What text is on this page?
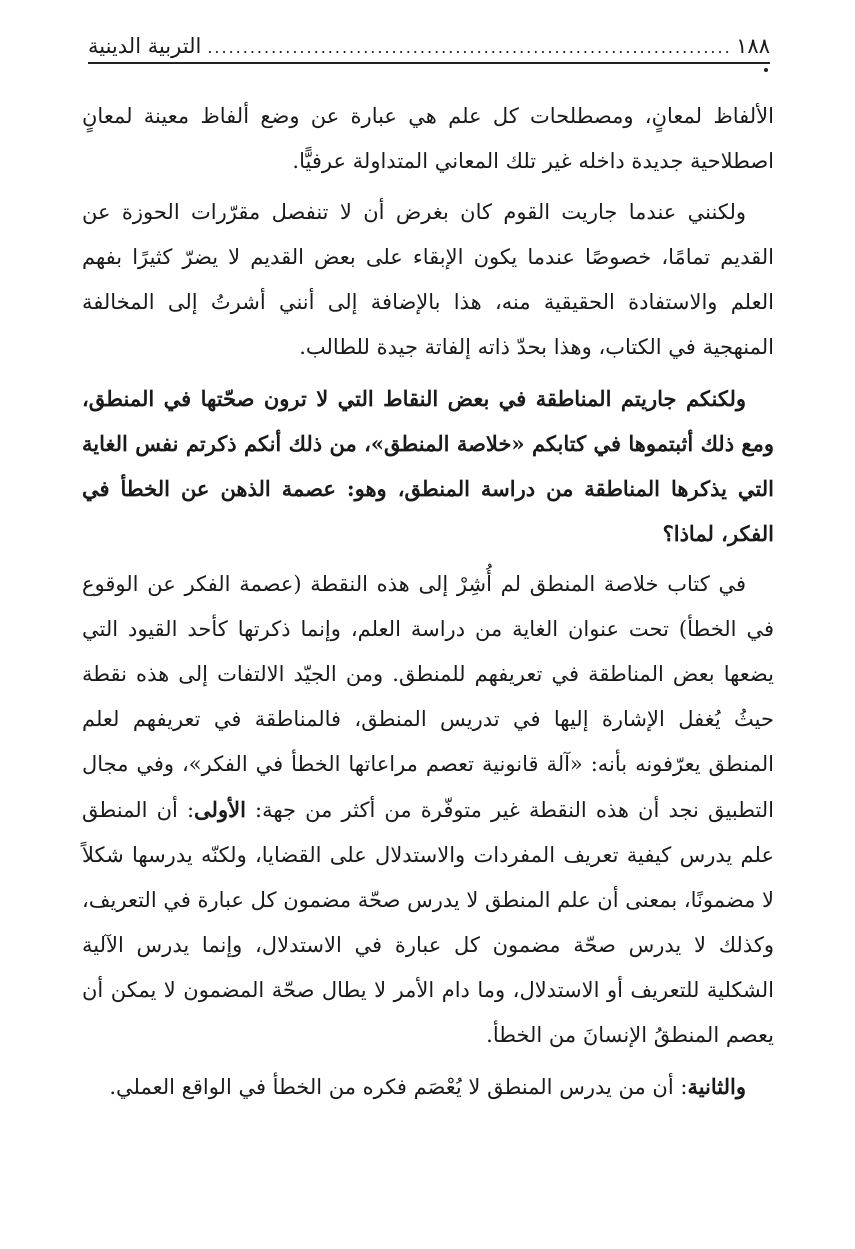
١٨٨
.....
التربية الدينية

الألفاظ لمعانٍ، ومصطلحات كل علم هي عبارة عن وضع ألفاظ معينة لمعانٍ اصطلاحية جديدة داخله غير تلك المعاني المتداولة عرفيًّا.

ولكنني عندما جاريت القوم كان بغرض أن لا تنفصل مقرّرات الحوزة عن القديم تمامًا، خصوصًا عندما يكون الإبقاء على بعض القديم لا يضرّ كثيرًا بفهم العلم والاستفادة الحقيقية منه، هذا بالإضافة إلى أنني أشرتُ إلى المخالفة المنهجية في الكتاب، وهذا بحدّ ذاته إلفاتة جيدة للطالب.

ولكنكم جاريتم المناطقة في بعض النقاط التي لا ترون صحّتها في المنطق، ومع ذلك أثبتموها في كتابكم «خلاصة المنطق»، من ذلك أنكم ذكرتم نفس الغاية التي يذكرها المناطقة من دراسة المنطق، وهو: عصمة الذهن عن الخطأ في الفكر، لماذا؟

في كتاب خلاصة المنطق لم أُشِرْ إلى هذه النقطة (عصمة الفكر عن الوقوع في الخطأ) تحت عنوان الغاية من دراسة العلم، وإنما ذكرتها كأحد القيود التي يضعها بعض المناطقة في تعريفهم للمنطق. ومن الجيّد الالتفات إلى هذه نقطة حيثُ يُغفل الإشارة إليها في تدريس المنطق، فالمناطقة في تعريفهم لعلم المنطق يعرّفونه بأنه: «آلة قانونية تعصم مراعاتها الخطأ في الفكر»، وفي مجال التطبيق نجد أن هذه النقطة غير متوفّرة من أكثر من جهة: الأولى: أن المنطق علم يدرس كيفية تعريف المفردات والاستدلال على القضايا، ولكنّه يدرسها شكلاً لا مضمونًا، بمعنى أن علم المنطق لا يدرس صحّة مضمون كل عبارة في التعريف، وكذلك لا يدرس صحّة مضمون كل عبارة في الاستدلال، وإنما يدرس الآلية الشكلية للتعريف أو الاستدلال، وما دام الأمر لا يطال صحّة المضمون لا يمكن أن يعصم المنطقُ الإنسانَ من الخطأ.

والثانية: أن من يدرس المنطق لا يُعْصَم فكره من الخطأ في الواقع العملي.
